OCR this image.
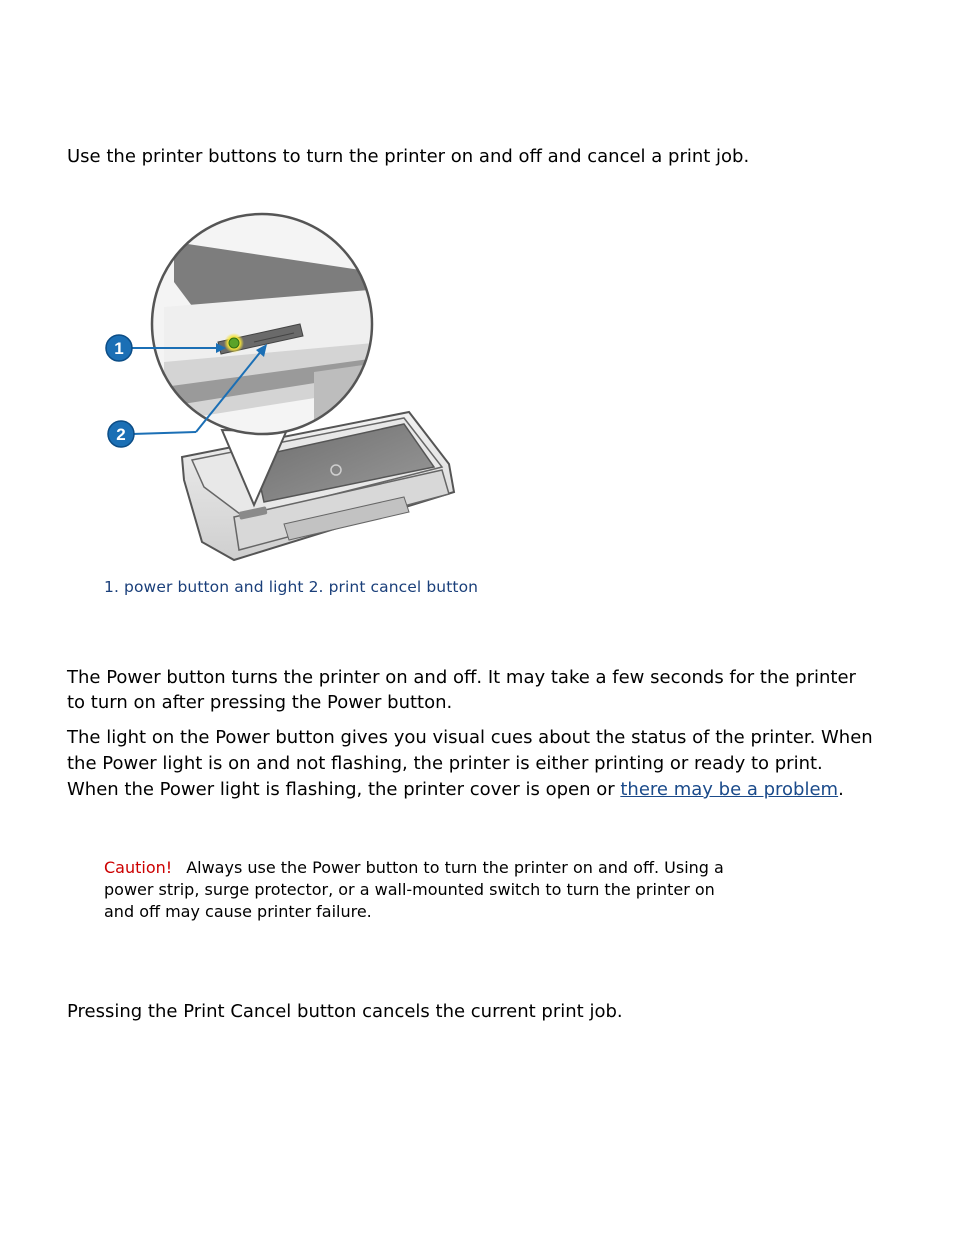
Use the printer buttons to turn the printer on and off and cancel a print job.

1
2

1. power button and light 2. print cancel button

The Power button turns the printer on and off. It may take a few seconds for the printer to turn on after pressing the Power button.

The light on the Power button gives you visual cues about the status of the printer. When the Power light is on and not flashing, the printer is either printing or ready to print. When the Power light is flashing, the printer cover is open or there may be a problem.

Caution! Always use the Power button to turn the printer on and off. Using a power strip, surge protector, or a wall-mounted switch to turn the printer on and off may cause printer failure.

Pressing the Print Cancel button cancels the current print job.
